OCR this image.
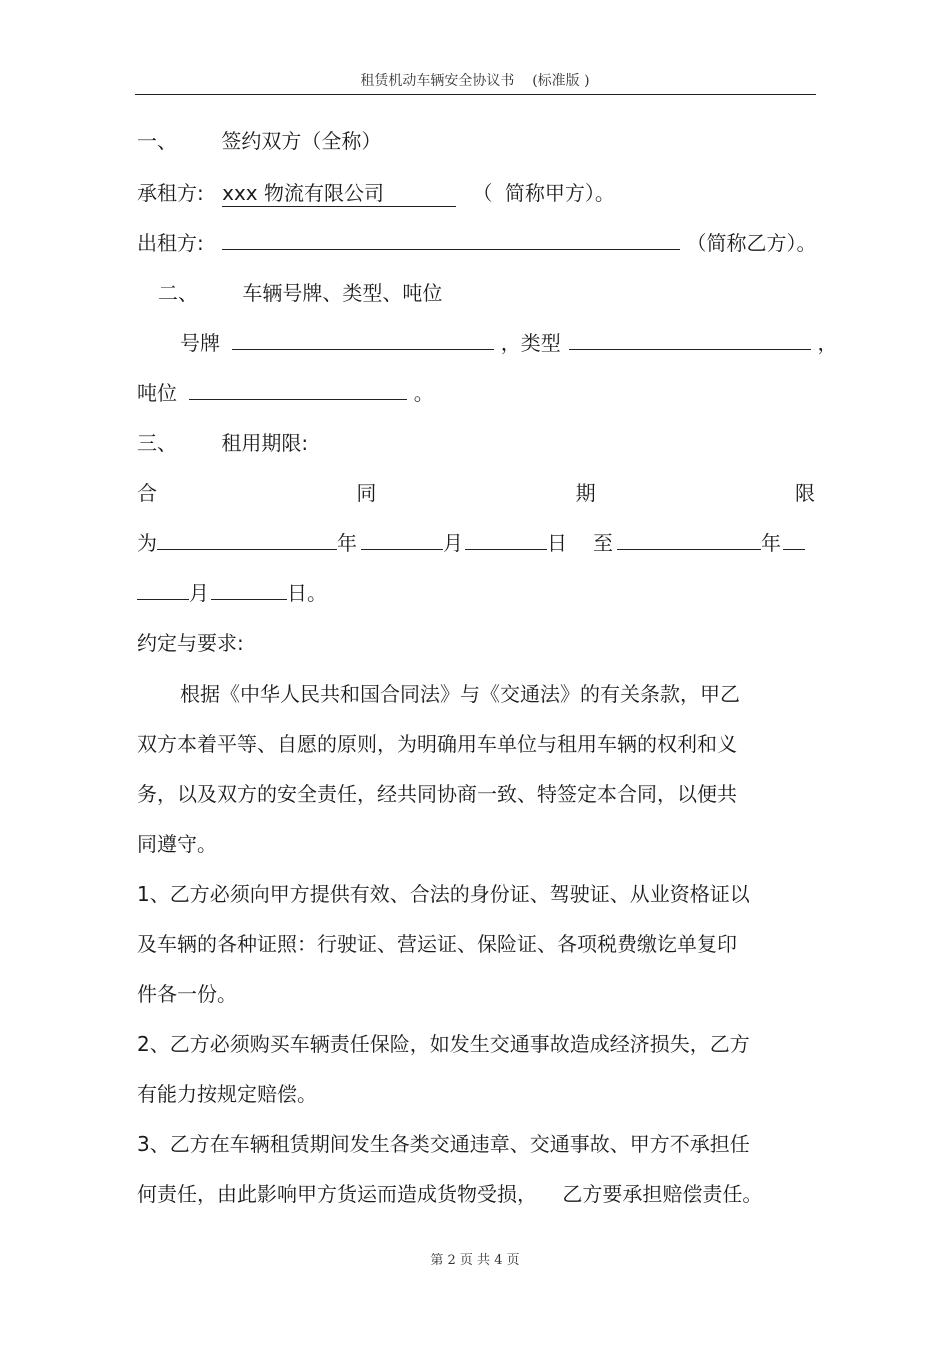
租赁机动车辆安全协议书    (标准版 )
一、 签约双方（全称）
承租方: xxx 物流有限公司	（ 简称甲方）。
出租方:	（简称乙方）。
二、 车辆号牌、类型、吨位
号牌	，类型	，
吨位	。
三、 租用期限:
合	同	期	限
为	年	月	日 至	年
月	日。
约定与要求:
根据《中华人民共和国合同法》与《交通法》的有关条款，甲乙
双方本着平等、自愿的原则，为明确用车单位与租用车辆的权利和义
务，以及双方的安全责任，经共同协商一致、特签定本合同，以便共
同遵守。
1、乙方必须向甲方提供有效、合法的身份证、驾驶证、从业资格证以
及车辆的各种证照：行驶证、营运证、保险证、各项税费缴讫单复印
件各一份。
2、乙方必须购买车辆责任保险，如发生交通事故造成经济损失，乙方
有能力按规定赔偿。
3、乙方在车辆租赁期间发生各类交通违章、交通事故、甲方不承担任
何责任，由此影响甲方货运而造成货物受损，    乙方要承担赔偿责任。
第 2 页 共 4 页
